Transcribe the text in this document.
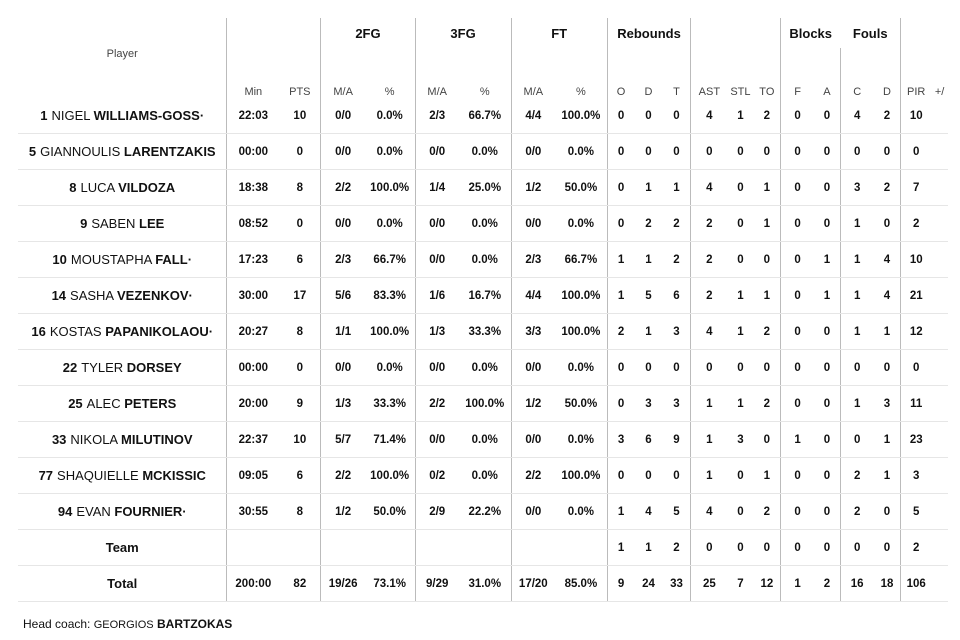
			2FG		3FG		FT		Rebounds						Blocks		Fouls			
Player	Min	PTS	M/A	%	M/A	%	M/A	%	O	D	T	AST	STL	TO	F	A	C	D	PIR	+/
1 NIGEL WILLIAMS-GOSS·	22:03	10	0/0	0.0%	2/3	66.7%	4/4	100.0%	0	0	0	4	1	2	0	0	4	2	10	
5 GIANNOULIS LARENTZAKIS	00:00	0	0/0	0.0%	0/0	0.0%	0/0	0.0%	0	0	0	0	0	0	0	0	0	0	0	
8 LUCA VILDOZA	18:38	8	2/2	100.0%	1/4	25.0%	1/2	50.0%	0	1	1	4	0	1	0	0	3	2	7	
9 SABEN LEE	08:52	0	0/0	0.0%	0/0	0.0%	0/0	0.0%	0	2	2	2	0	1	0	0	1	0	2	
10 MOUSTAPHA FALL·	17:23	6	2/3	66.7%	0/0	0.0%	2/3	66.7%	1	1	2	2	0	0	0	1	1	4	10	
14 SASHA VEZENKOV·	30:00	17	5/6	83.3%	1/6	16.7%	4/4	100.0%	1	5	6	2	1	1	0	1	1	4	21	
16 KOSTAS PAPANIKOLAOU·	20:27	8	1/1	100.0%	1/3	33.3%	3/3	100.0%	2	1	3	4	1	2	0	0	1	1	12	
22 TYLER DORSEY	00:00	0	0/0	0.0%	0/0	0.0%	0/0	0.0%	0	0	0	0	0	0	0	0	0	0	0	
25 ALEC PETERS	20:00	9	1/3	33.3%	2/2	100.0%	1/2	50.0%	0	3	3	1	1	2	0	0	1	3	11	
33 NIKOLA MILUTINOV	22:37	10	5/7	71.4%	0/0	0.0%	0/0	0.0%	3	6	9	1	3	0	1	0	0	1	23	
77 SHAQUIELLE MCKISSIC	09:05	6	2/2	100.0%	0/2	0.0%	2/2	100.0%	0	0	0	1	0	1	0	0	2	1	3	
94 EVAN FOURNIER·	30:55	8	1/2	50.0%	2/9	22.2%	0/0	0.0%	1	4	5	4	0	2	0	0	2	0	5	
Team									1	1	2	0	0	0	0	0	0	0	2	
Total	200:00	82	19/26	73.1%	9/29	31.0%	17/20	85.0%	9	24	33	25	7	12	1	2	16	18	106	
Head coach: GEORGIOS BARTZOKAS
